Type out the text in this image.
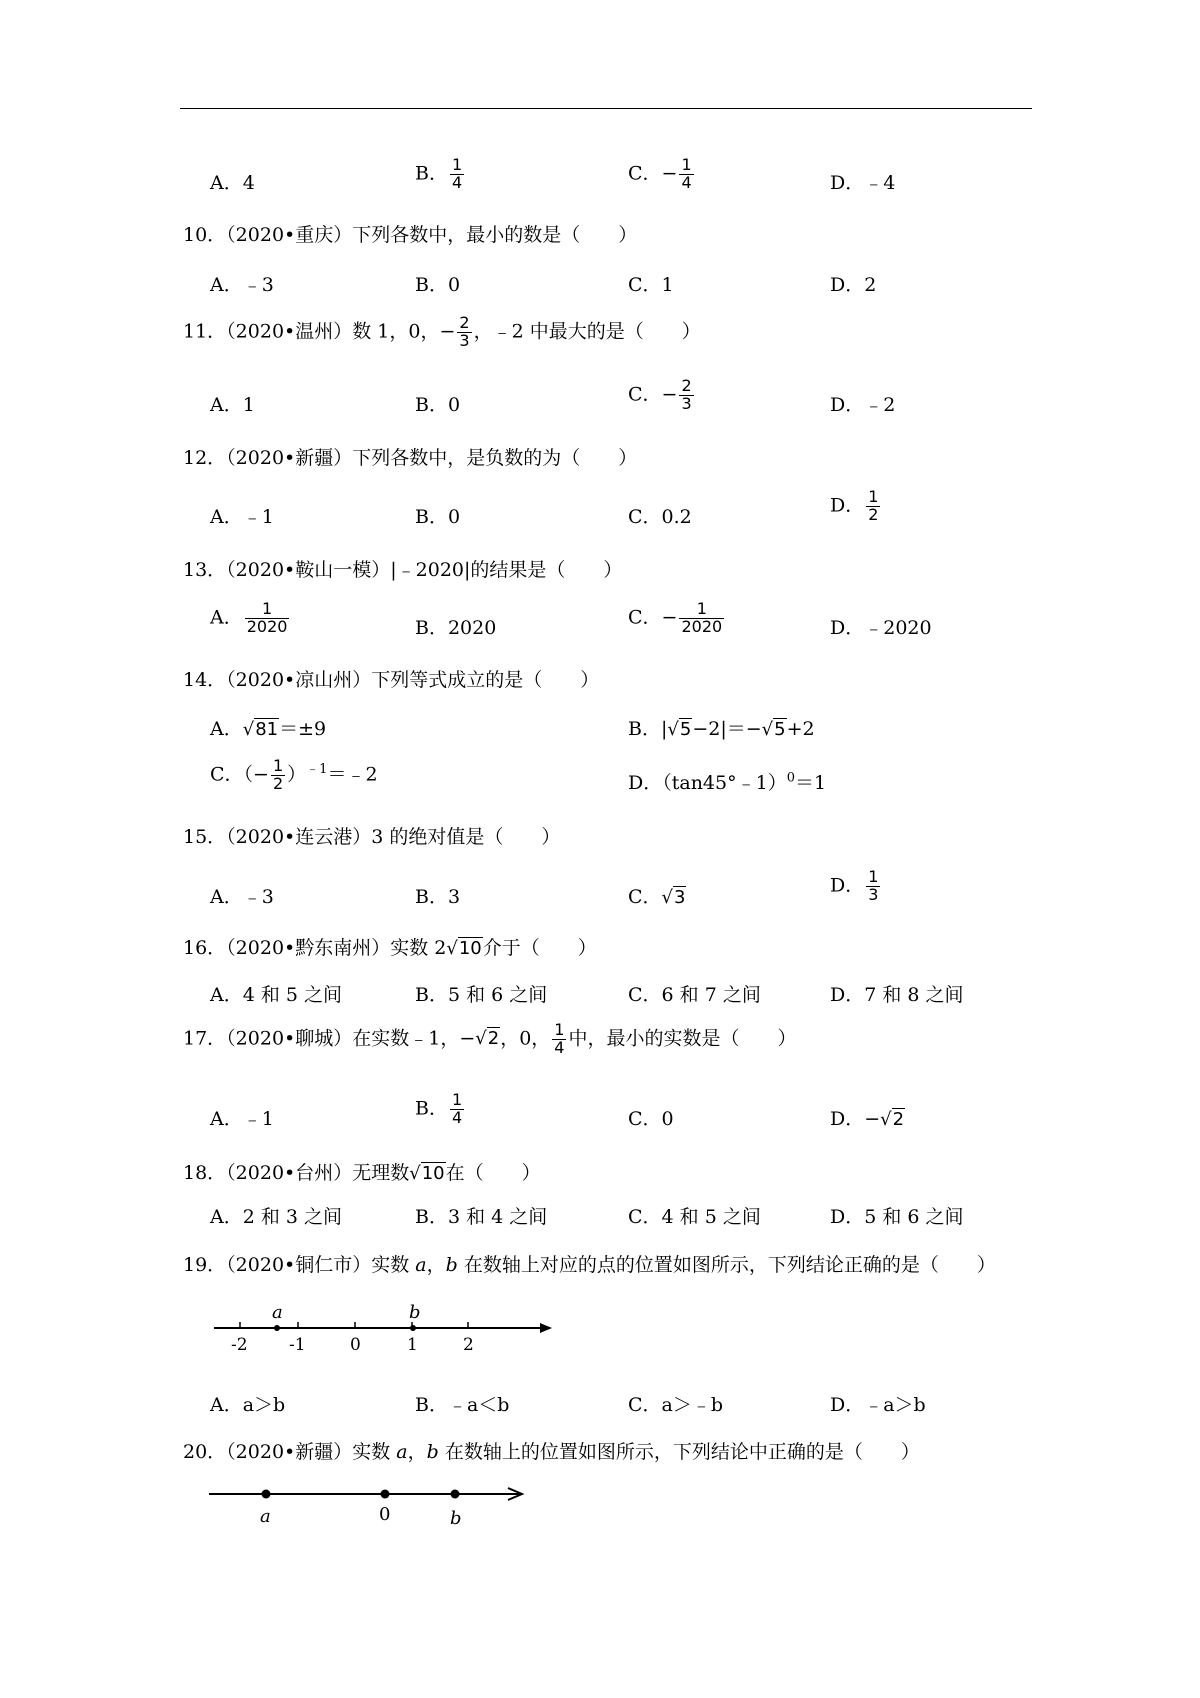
A．4	B． $\frac{1}{4}$	C．− $\frac{1}{4}$	D．﹣4
10．（2020•重庆）下列各数中，最小的数是（　　）
A．﹣3	B．0	C．1	D．2
11．（2020•温州）数 1，0，− $\frac{2}{3}$ ，﹣2 中最大的是（　　）
A．1	B．0	C．− $\frac{2}{3}$	D．﹣2
12．（2020•新疆）下列各数中，是负数的为（　　）
A．﹣1	B．0	C．0.2
D． $\frac{1}{2}$
13．（2020•鞍山一模）|﹣2020|的结果是（　　）
A． $\frac{1}{2020}$	B．2020	C．− $\frac{1}{2020}$	D．﹣2020
14．（2020•凉山州）下列等式成立的是（　　）
A．√81＝±9	B．|√5−2|＝−√5+2
C．（− $\frac{1}{2}$ ）$^{﹣1}$＝﹣2	D．（tan45°﹣1）$^0$＝1
15．（2020•连云港）3 的绝对值是（　　）
A．﹣3	B．3	C．√3
D． $\frac{1}{3}$
16．（2020•黔东南州）实数 2√10介于（　　）
A．4 和 5 之间	B．5 和 6 之间	C．6 和 7 之间	D．7 和 8 之间
17．（2020•聊城）在实数﹣1，−√2，0， $\frac{1}{4}$ 中，最小的实数是（　　）
A．﹣1	B． $\frac{1}{4}$	C．0	D．−√2
18．（2020•台州）无理数√10在（　　）
A．2 和 3 之间	B．3 和 4 之间	C．4 和 5 之间	D．5 和 6 之间
19．（2020•铜仁市）实数 a，b 在数轴上对应的点的位置如图所示，下列结论正确的是（　　）
-2 -1	0	1	2
a	b
A．a＞b	B．﹣a＜b	C．a＞﹣b	D．﹣a＞b
20．（2020•新疆）实数 a，b 在数轴上的位置如图所示，下列结论中正确的是（　　）
a	0	b
